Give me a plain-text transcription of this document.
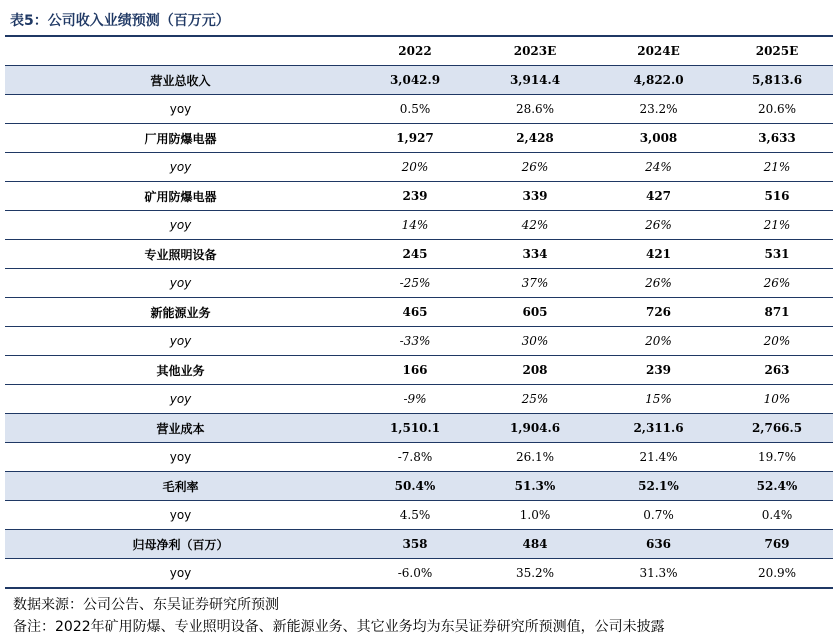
表5：公司收入业绩预测（百万元）
	2022	2023E	2024E	2025E
营业总收入	3,042.9	3,914.4	4,822.0	5,813.6
yoy	0.5%	28.6%	23.2%	20.6%
厂用防爆电器	1,927	2,428	3,008	3,633
yoy	20%	26%	24%	21%
矿用防爆电器	239	339	427	516
yoy	14%	42%	26%	21%
专业照明设备	245	334	421	531
yoy	-25%	37%	26%	26%
新能源业务	465	605	726	871
yoy	-33%	30%	20%	20%
其他业务	166	208	239	263
yoy	-9%	25%	15%	10%
营业成本	1,510.1	1,904.6	2,311.6	2,766.5
yoy	-7.8%	26.1%	21.4%	19.7%
毛利率	50.4%	51.3%	52.1%	52.4%
yoy	4.5%	1.0%	0.7%	0.4%
归母净利（百万）	358	484	636	769
yoy	-6.0%	35.2%	31.3%	20.9%
数据来源：公司公告、东吴证券研究所预测
备注：2022年矿用防爆、专业照明设备、新能源业务、其它业务均为东吴证券研究所预测值，公司未披露
